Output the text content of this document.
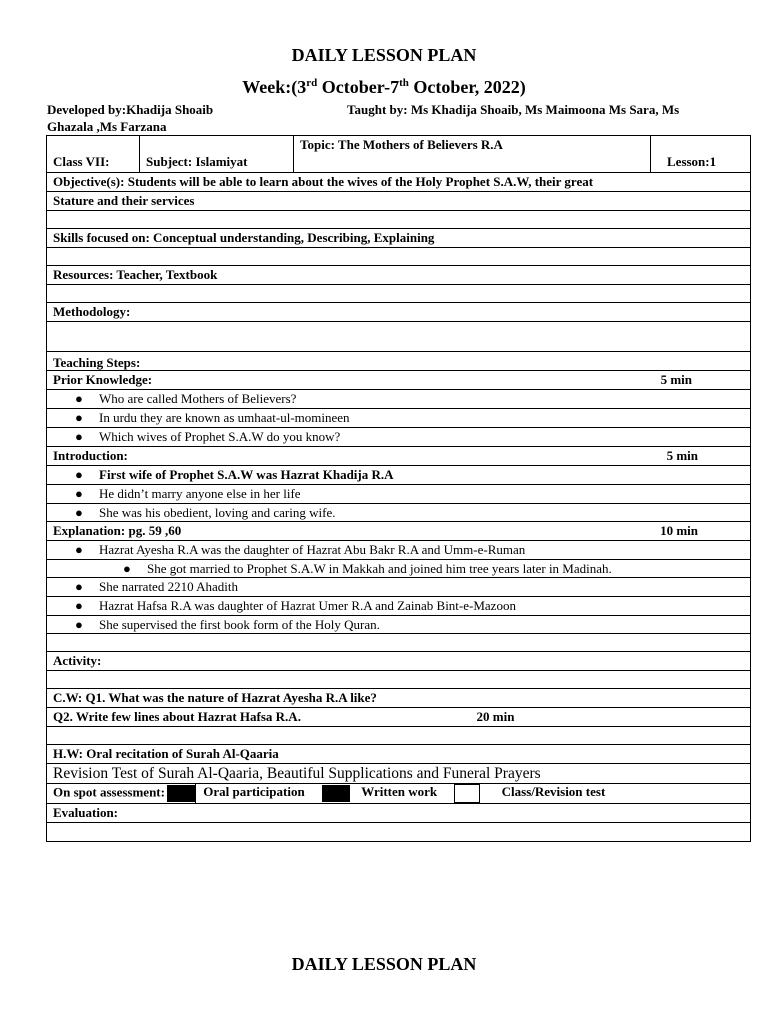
DAILY LESSON PLAN
Week:(3rd October-7th October, 2022)
Developed by:Khadija Shoaib	Taught by: Ms Khadija Shoaib, Ms Maimoona Ms Sara, Ms
Ghazala ,Ms Farzana
Class VII:	Subject: Islamiyat	Topic: The Mothers of Believers R.A	Lesson:1
Objective(s): Students will be able to learn about the wives of the Holy Prophet S.A.W, their great
Stature and their services

Skills focused on: Conceptual understanding, Describing, Explaining

Resources: Teacher, Textbook

Methodology:

Teaching Steps:

Prior Knowledge:	5 min

● Who are called Mothers of Believers?
● In urdu they are known as umhaat-ul-momineen
● Which wives of Prophet S.A.W do you know?

Introduction:	5 min

● First wife of Prophet S.A.W was Hazrat Khadija R.A
● He didn’t marry anyone else in her life
● She was his obedient, loving and caring wife.

Explanation: pg. 59 ,60	10 min

● Hazrat Ayesha R.A was the daughter of Hazrat Abu Bakr R.A and Umm-e-Ruman
● She got married to Prophet S.A.W in Makkah and joined him tree years later in Madinah.
● She narrated 2210 Ahadith
● Hazrat Hafsa R.A was daughter of Hazrat Umer R.A and Zainab Bint-e-Mazoon
● She supervised the first book form of the Holy Quran.

Activity:

C.W: Q1. What was the nature of Hazrat Ayesha R.A like?
Q2. Write few lines about Hazrat Hafsa R.A.	20 min

H.W: Oral recitation of Surah Al-Qaaria
Revision Test of Surah Al-Qaaria, Beautiful Supplications and Funeral Prayers
On spot assessment:	Oral participation	Written work	Class/Revision test
Evaluation:

DAILY LESSON PLAN
